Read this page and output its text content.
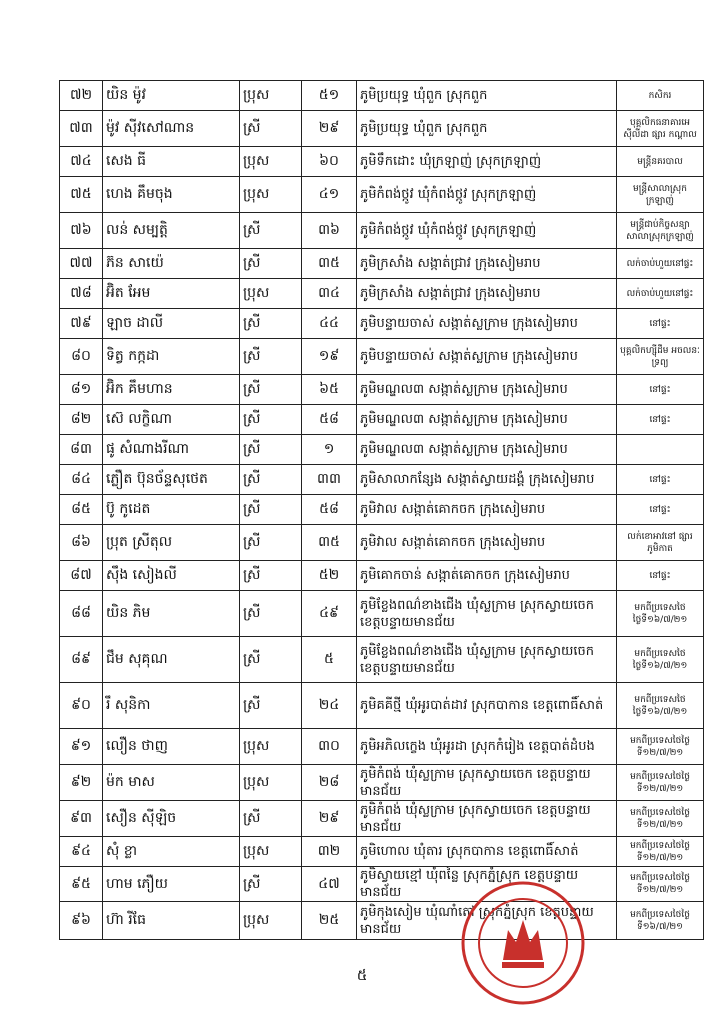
៧២	យិន ម៉ូវ	ប្រុស	៥១	ភូមិប្រយុទ្ធ ឃុំពួក ស្រុកពួក	កសិករ
៧៣	ម៉ូវ ស៊ីវសៅណាន	ស្រី	២៩	ភូមិប្រយុទ្ធ ឃុំពួក ស្រុកពួក	បុគ្គលិកធនាគារអេស៊ីលីដា ផ្សារ កណ្តាល
៧៤	សេង ធី	ប្រុស	៦០	ភូមិទឹកដោះ ឃុំក្រឡាញ់ ស្រុកក្រឡាញ់	មន្ត្រីនគរបាល
៧៥	ហេង គឹមចុង	ប្រុស	៤១	ភូមិកំពង់ថ្កូវ ឃុំកំពង់ថ្កូវ ស្រុកក្រឡាញ់	មន្ត្រីសាលាស្រុក ក្រឡាញ់
៧៦	លន់ សម្បត្តិ	ស្រី	៣៦	ភូមិកំពង់ថ្កូវ ឃុំកំពង់ថ្កូវ ស្រុកក្រឡាញ់	មន្ត្រីជាប់កិច្ចសន្យា សាលាស្រុកក្រឡាញ់
៧៧	ភ៊ន សាយ៉េ	ស្រី	៣៥	ភូមិក្រសាំង សង្កាត់ជ្រាវ ក្រុងសៀមរាប	លក់ចាប់ហួយនៅផ្ទះ
៧៨	អ៊ិត អែម	ប្រុស	៣៤	ភូមិក្រសាំង សង្កាត់ជ្រាវ ក្រុងសៀមរាប	លក់ចាប់ហួយនៅផ្ទះ
៧៩	ឡាច ដាលី	ស្រី	៤៤	ភូមិបន្ទាយចាស់ សង្កាត់ស្លក្រាម ក្រុងសៀមរាប	នៅផ្ទះ
៨០	ទិត្វ កក្កដា	ស្រី	១៩	ភូមិបន្ទាយចាស់ សង្កាត់ស្លក្រាម ក្រុងសៀមរាប	បុគ្គលិកហ្ស៊ីដឹម អចលនៈទ្រព្យ
៨១	អ៊ិក គឹមហាន	ស្រី	៦៥	ភូមិមណ្ឌល៣ សង្កាត់ស្លក្រាម ក្រុងសៀមរាប	នៅផ្ទះ
៨២	ស៊េ លក្ខិណា	ស្រី	៥៨	ភូមិមណ្ឌល៣ សង្កាត់ស្លក្រាម ក្រុងសៀមរាប	នៅផ្ទះ
៨៣	ផូ សំណាងរីណា	ស្រី	១	ភូមិមណ្ឌល៣ សង្កាត់ស្លក្រាម ក្រុងសៀមរាប	
៨៤	ភ្លឿត ប៊ុនច័ន្ទសុថេត	ស្រី	៣៣	ភូមិសាលាកន្សែង សង្កាត់ស្វាយដង្គំ ក្រុងសៀមរាប	នៅផ្ទះ
៨៥	ប៊ូ កូដេត	ស្រី	៥៨	ភូមិវាល សង្កាត់គោកចក ក្រុងសៀមរាប	នៅផ្ទះ
៨៦	ប្រុត ស្រីតុល	ស្រី	៣៥	ភូមិវាល សង្កាត់គោកចក ក្រុងសៀមរាប	លក់ខោអាវនៅ ផ្សារភូមិកាត
៨៧	ស៊ឹង សៀងលី	ស្រី	៥២	ភូមិគោកចាន់ សង្កាត់គោកចក ក្រុងសៀមរាប	នៅផ្ទះ
៨៨	យិន ភិម	ស្រី	៤៩	ភូមិខ្លែងពណ៌ខាងជើង ឃុំស្លក្រាម ស្រុកស្វាយចេក ខេត្តបន្ទាយមានជ័យ	មកពីប្រទេសថៃ ថ្ងៃទី១៦/៧/២១
៨៩	ជឹម សុគុណ	ស្រី	៥	ភូមិខ្លែងពណ៌ខាងជើង ឃុំស្លក្រាម ស្រុកស្វាយចេក ខេត្តបន្ទាយមានជ័យ	មកពីប្រទេសថៃ ថ្ងៃទី១៦/៧/២១
៩០	រឹ សុនិកា	ស្រី	២៤	ភូមិគគីថ្មី ឃុំអូរបាត់ដាវ ស្រុកបាកាន ខេត្តពោធិ៍សាត់	មកពីប្រទេសថៃ ថ្ងៃទី១៦/៧/២១
៩១	លឿន ថាញ	ប្រុស	៣០	ភូមិអភិលក្ខេង ឃុំអូរដា ស្រុកកំរៀង ខេត្តបាត់ដំបង	មកពីប្រទេសថៃថ្ងៃ ទី១២/៧/២១
៩២	ម៉ក មាស	ប្រុស	២៨	ភូមិកំពង់ ឃុំស្លក្រាម ស្រុកស្វាយចេក ខេត្តបន្ទាយមានជ័យ	មកពីប្រទេសថៃថ្ងៃ ទី១២/៧/២១
៩៣	សឿន ស៊ីឡិច	ស្រី	២៩	ភូមិកំពង់ ឃុំស្លក្រាម ស្រុកស្វាយចេក ខេត្តបន្ទាយមានជ័យ	មកពីប្រទេសថៃថ្ងៃ ទី១២/៧/២១
៩៤	សុំ ខ្លា	ប្រុស	៣២	ភូមិហោល ឃុំតារ ស្រុកបាកាន ខេត្តពោធិ៍សាត់	មកពីប្រទេសថៃថ្ងៃ ទី១២/៧/២១
៩៥	ហាម ភឿយ	ស្រី	៤៧	ភូមិស្វាយខ្មៅ ឃុំពន្លៃ ស្រុកភ្នំស្រុក ខេត្តបន្ទាយមានជ័យ	មកពីប្រទេសថៃថ្ងៃ ទី១២/៧/២១
៩៦	ហ៊ា រីធែ	ប្រុស	២៥	ភូមិកុងសៀម ឃុំណាំតៅ ស្រុកភ្នំស្រុក ខេត្តបន្ទាយមានជ័យ	មកពីប្រទេសថៃថ្ងៃ ទី១៦/៧/២១
៥
